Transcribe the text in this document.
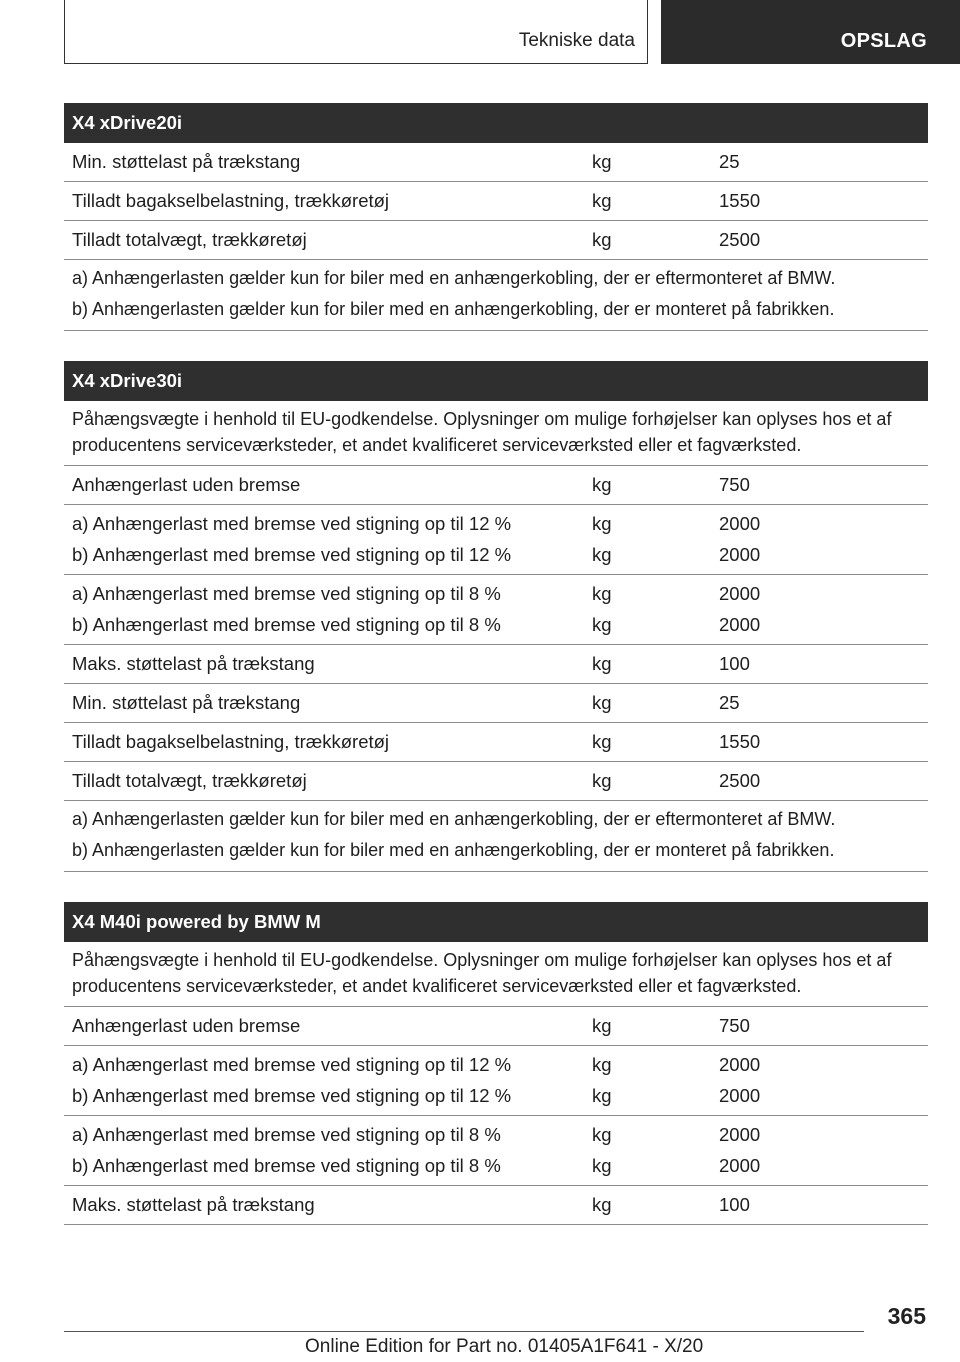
Tekniske data	OPSLAG
X4 xDrive20i
Min. støttelast på trækstang	kg	25
Tilladt bagakselbelastning, trækkøretøj	kg	1550
Tilladt totalvægt, trækkøretøj	kg	2500
a) Anhængerlasten gælder kun for biler med en anhængerkobling, der er eftermonteret af BMW.
b) Anhængerlasten gælder kun for biler med en anhængerkobling, der er monteret på fabrikken.
X4 xDrive30i
Påhængsvægte i henhold til EU-godkendelse. Oplysninger om mulige forhøjelser kan oplyses hos et af producentens serviceværksteder, et andet kvalificeret serviceværksted eller et fagværksted.
Anhængerlast uden bremse	kg	750
a) Anhængerlast med bremse ved stigning op til 12 %	kg	2000
b) Anhængerlast med bremse ved stigning op til 12 %	kg	2000
a) Anhængerlast med bremse ved stigning op til 8 %	kg	2000
b) Anhængerlast med bremse ved stigning op til 8 %	kg	2000
Maks. støttelast på trækstang	kg	100
Min. støttelast på trækstang	kg	25
Tilladt bagakselbelastning, trækkøretøj	kg	1550
Tilladt totalvægt, trækkøretøj	kg	2500
a) Anhængerlasten gælder kun for biler med en anhængerkobling, der er eftermonteret af BMW.
b) Anhængerlasten gælder kun for biler med en anhængerkobling, der er monteret på fabrikken.
X4 M40i powered by BMW M
Påhængsvægte i henhold til EU-godkendelse. Oplysninger om mulige forhøjelser kan oplyses hos et af producentens serviceværksteder, et andet kvalificeret serviceværksted eller et fagværksted.
Anhængerlast uden bremse	kg	750
a) Anhængerlast med bremse ved stigning op til 12 %	kg	2000
b) Anhængerlast med bremse ved stigning op til 12 %	kg	2000
a) Anhængerlast med bremse ved stigning op til 8 %	kg	2000
b) Anhængerlast med bremse ved stigning op til 8 %	kg	2000
Maks. støttelast på trækstang	kg	100
365
Online Edition for Part no. 01405A1F641 - X/20
